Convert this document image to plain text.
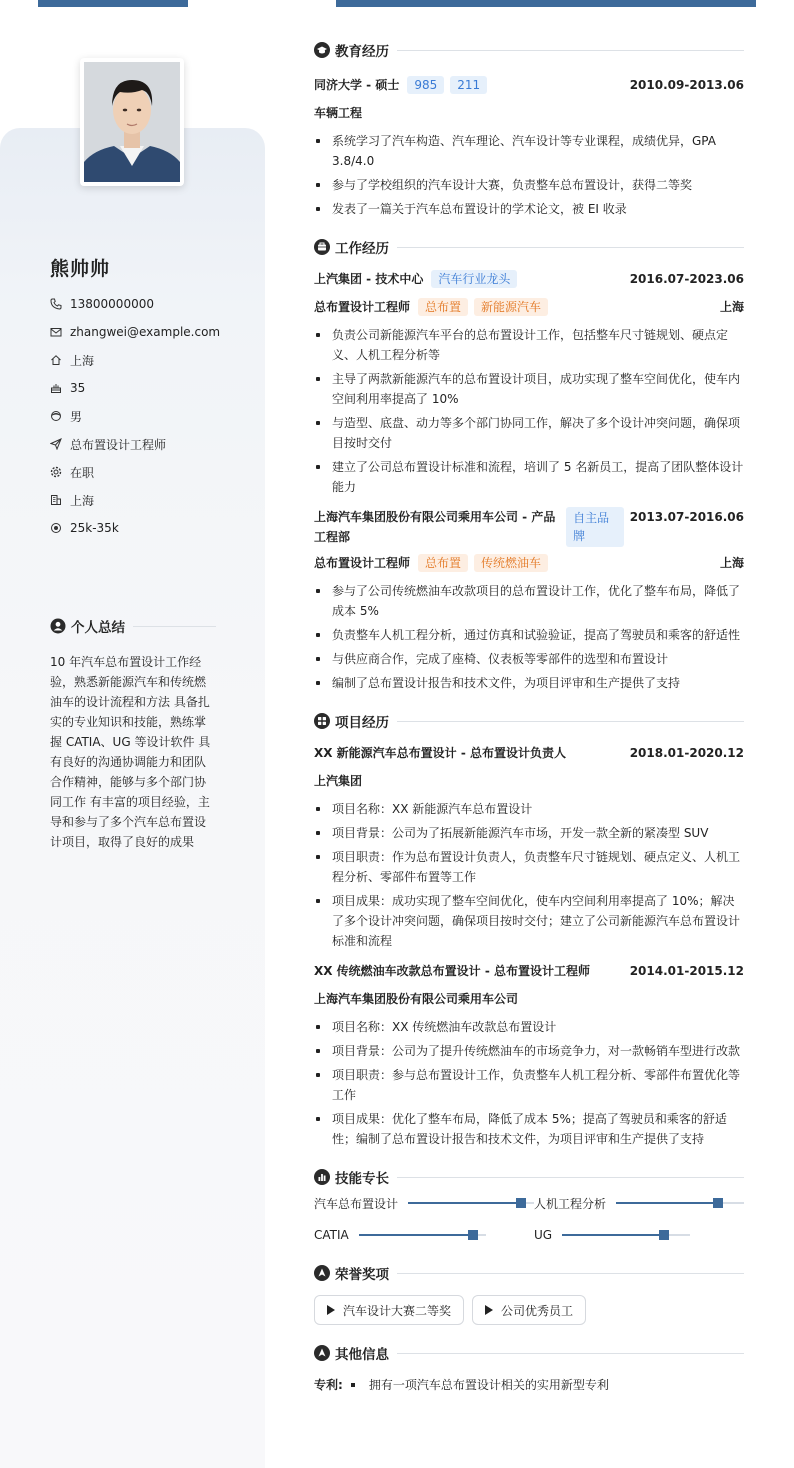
熊帅帅
13800000000
zhangwei@example.com
上海
35
男
总布置设计工程师
在职
上海
25k-35k
个人总结
10 年汽车总布置设计工作经验，熟悉新能源汽车和传统燃油车的设计流程和方法 具备扎实的专业知识和技能，熟练掌握 CATIA、UG 等设计软件 具有良好的沟通协调能力和团队合作精神，能够与多个部门协同工作 有丰富的项目经验，主导和参与了多个汽车总布置设计项目，取得了良好的成果
教育经历
同济大学 - 硕士	985	211	2010.09-2013.06
车辆工程
系统学习了汽车构造、汽车理论、汽车设计等专业课程，成绩优异，GPA 3.8/4.0
参与了学校组织的汽车设计大赛，负责整车总布置设计，获得二等奖
发表了一篇关于汽车总布置设计的学术论文，被 EI 收录
工作经历
上汽集团 - 技术中心	汽车行业龙头	2016.07-2023.06
总布置设计工程师	总布置	新能源汽车	上海
负责公司新能源汽车平台的总布置设计工作，包括整车尺寸链规划、硬点定义、人机工程分析等
主导了两款新能源汽车的总布置设计项目，成功实现了整车空间优化，使车内空间利用率提高了 10%
与造型、底盘、动力等多个部门协同工作，解决了多个设计冲突问题，确保项目按时交付
建立了公司总布置设计标准和流程，培训了 5 名新员工，提高了团队整体设计能力
上海汽车集团股份有限公司乘用车公司 - 产品工程部
自主品牌
2013.07-2016.06
总布置设计工程师	总布置	传统燃油车	上海
参与了公司传统燃油车改款项目的总布置设计工作，优化了整车布局，降低了成本 5%
负责整车人机工程分析，通过仿真和试验验证，提高了驾驶员和乘客的舒适性
与供应商合作，完成了座椅、仪表板等零部件的选型和布置设计
编制了总布置设计报告和技术文件，为项目评审和生产提供了支持
项目经历
XX 新能源汽车总布置设计 - 总布置设计负责人	2018.01-2020.12
上汽集团
项目名称：XX 新能源汽车总布置设计
项目背景：公司为了拓展新能源汽车市场，开发一款全新的紧凑型 SUV
项目职责：作为总布置设计负责人，负责整车尺寸链规划、硬点定义、人机工程分析、零部件布置等工作
项目成果：成功实现了整车空间优化，使车内空间利用率提高了 10%；解决了多个设计冲突问题，确保项目按时交付；建立了公司新能源汽车总布置设计标准和流程
XX 传统燃油车改款总布置设计 - 总布置设计工程师	2014.01-2015.12
上海汽车集团股份有限公司乘用车公司
项目名称：XX 传统燃油车改款总布置设计
项目背景：公司为了提升传统燃油车的市场竞争力，对一款畅销车型进行改款
项目职责：参与总布置设计工作，负责整车人机工程分析、零部件布置优化等工作
项目成果：优化了整车布局，降低了成本 5%；提高了驾驶员和乘客的舒适性；编制了总布置设计报告和技术文件，为项目评审和生产提供了支持
技能专长
汽车总布置设计	人机工程分析
CATIA	UG
荣誉奖项
汽车设计大赛二等奖	公司优秀员工
其他信息
专利: 拥有一项汽车总布置设计相关的实用新型专利
